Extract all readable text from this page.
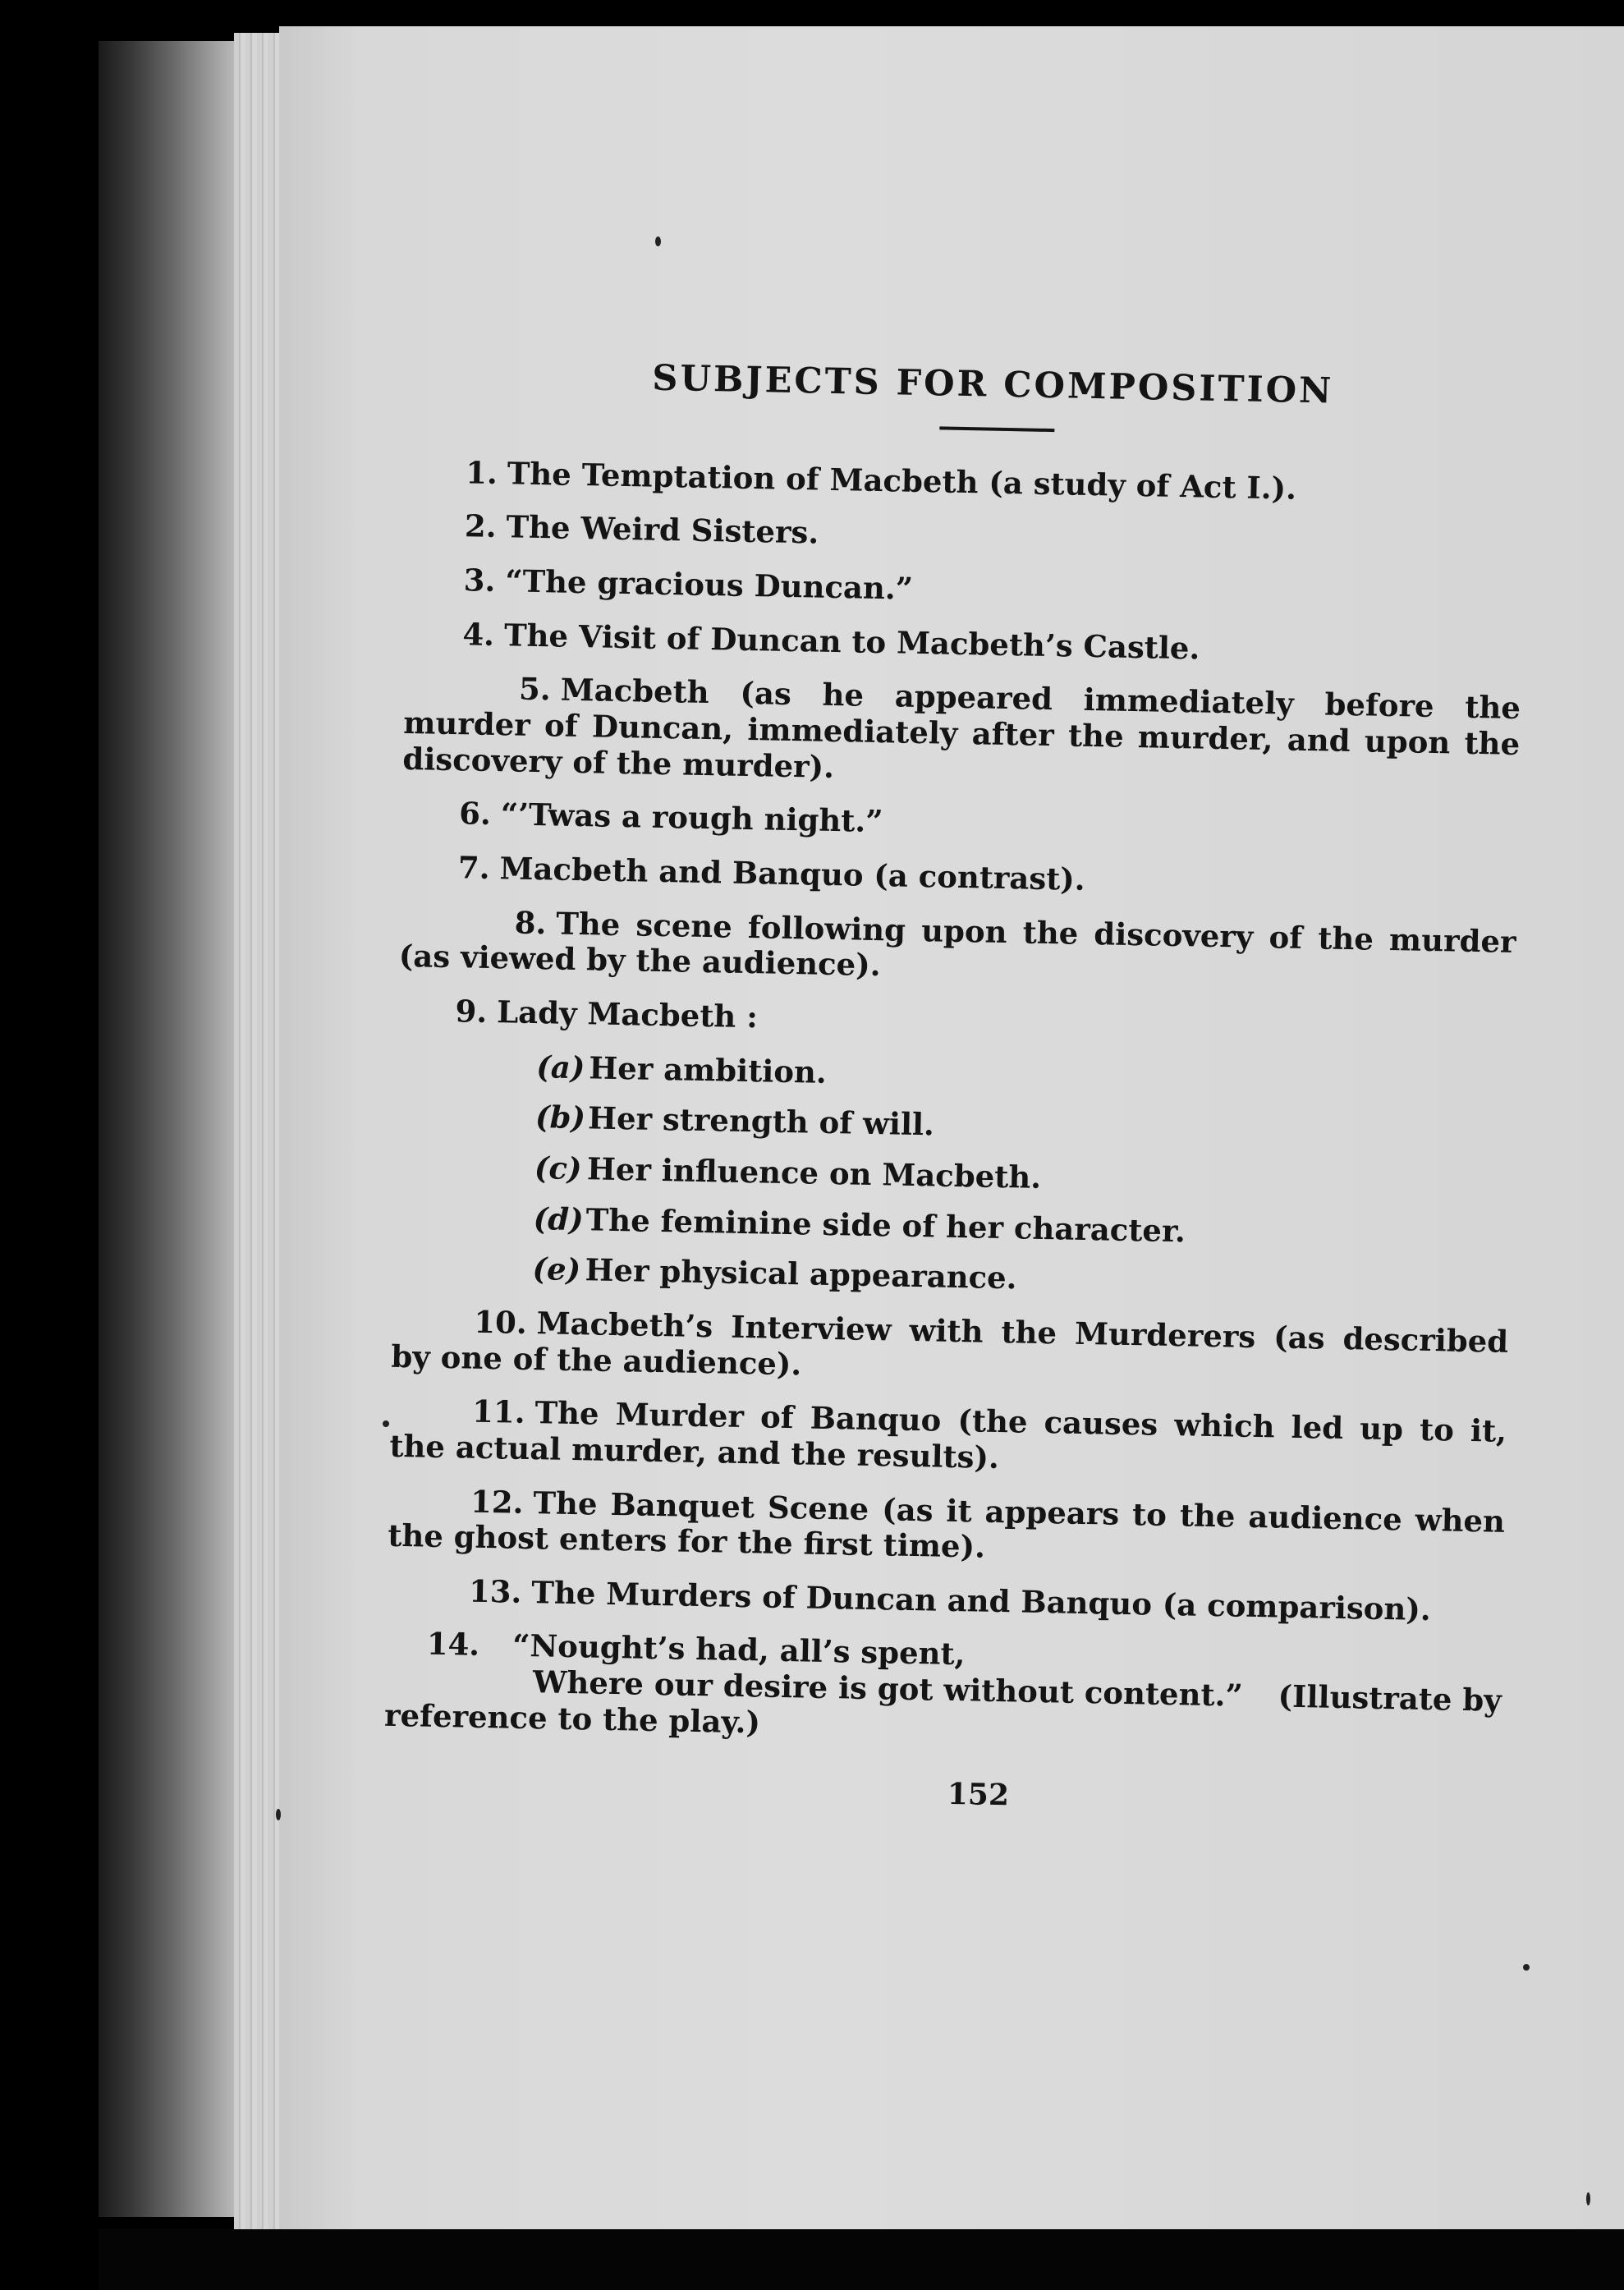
SUBJECTS FOR COMPOSITION
1. The Temptation of Macbeth (a study of Act I.).
2. The Weird Sisters.
3. “The gracious Duncan.”
4. The Visit of Duncan to Macbeth’s Castle.
5. Macbeth (as he appeared immediately before the murder of Duncan, immediately after the murder, and upon the discovery of the murder).
6. “’Twas a rough night.”
7. Macbeth and Banquo (a contrast).
8. The scene following upon the discovery of the murder (as viewed by the audience).
9. Lady Macbeth :
(a) Her ambition.
(b)Her strength of will.
(c) Her influence on Macbeth.
(d)The feminine side of her character.
(e) Her physical appearance.
10. Macbeth’s Interview with the Murderers (as described by one of the audience).
11. The Murder of Banquo (the causes which led up to it, the actual murder, and the results).
12. The Banquet Scene (as it appears to the audience when the ghost enters for the first time).
13. The Murders of Duncan and Banquo (a comparison).
14. “Nought’s had, all’s spent,
Where our desire is got without content.” (Illustrate by reference to the play.)
152
